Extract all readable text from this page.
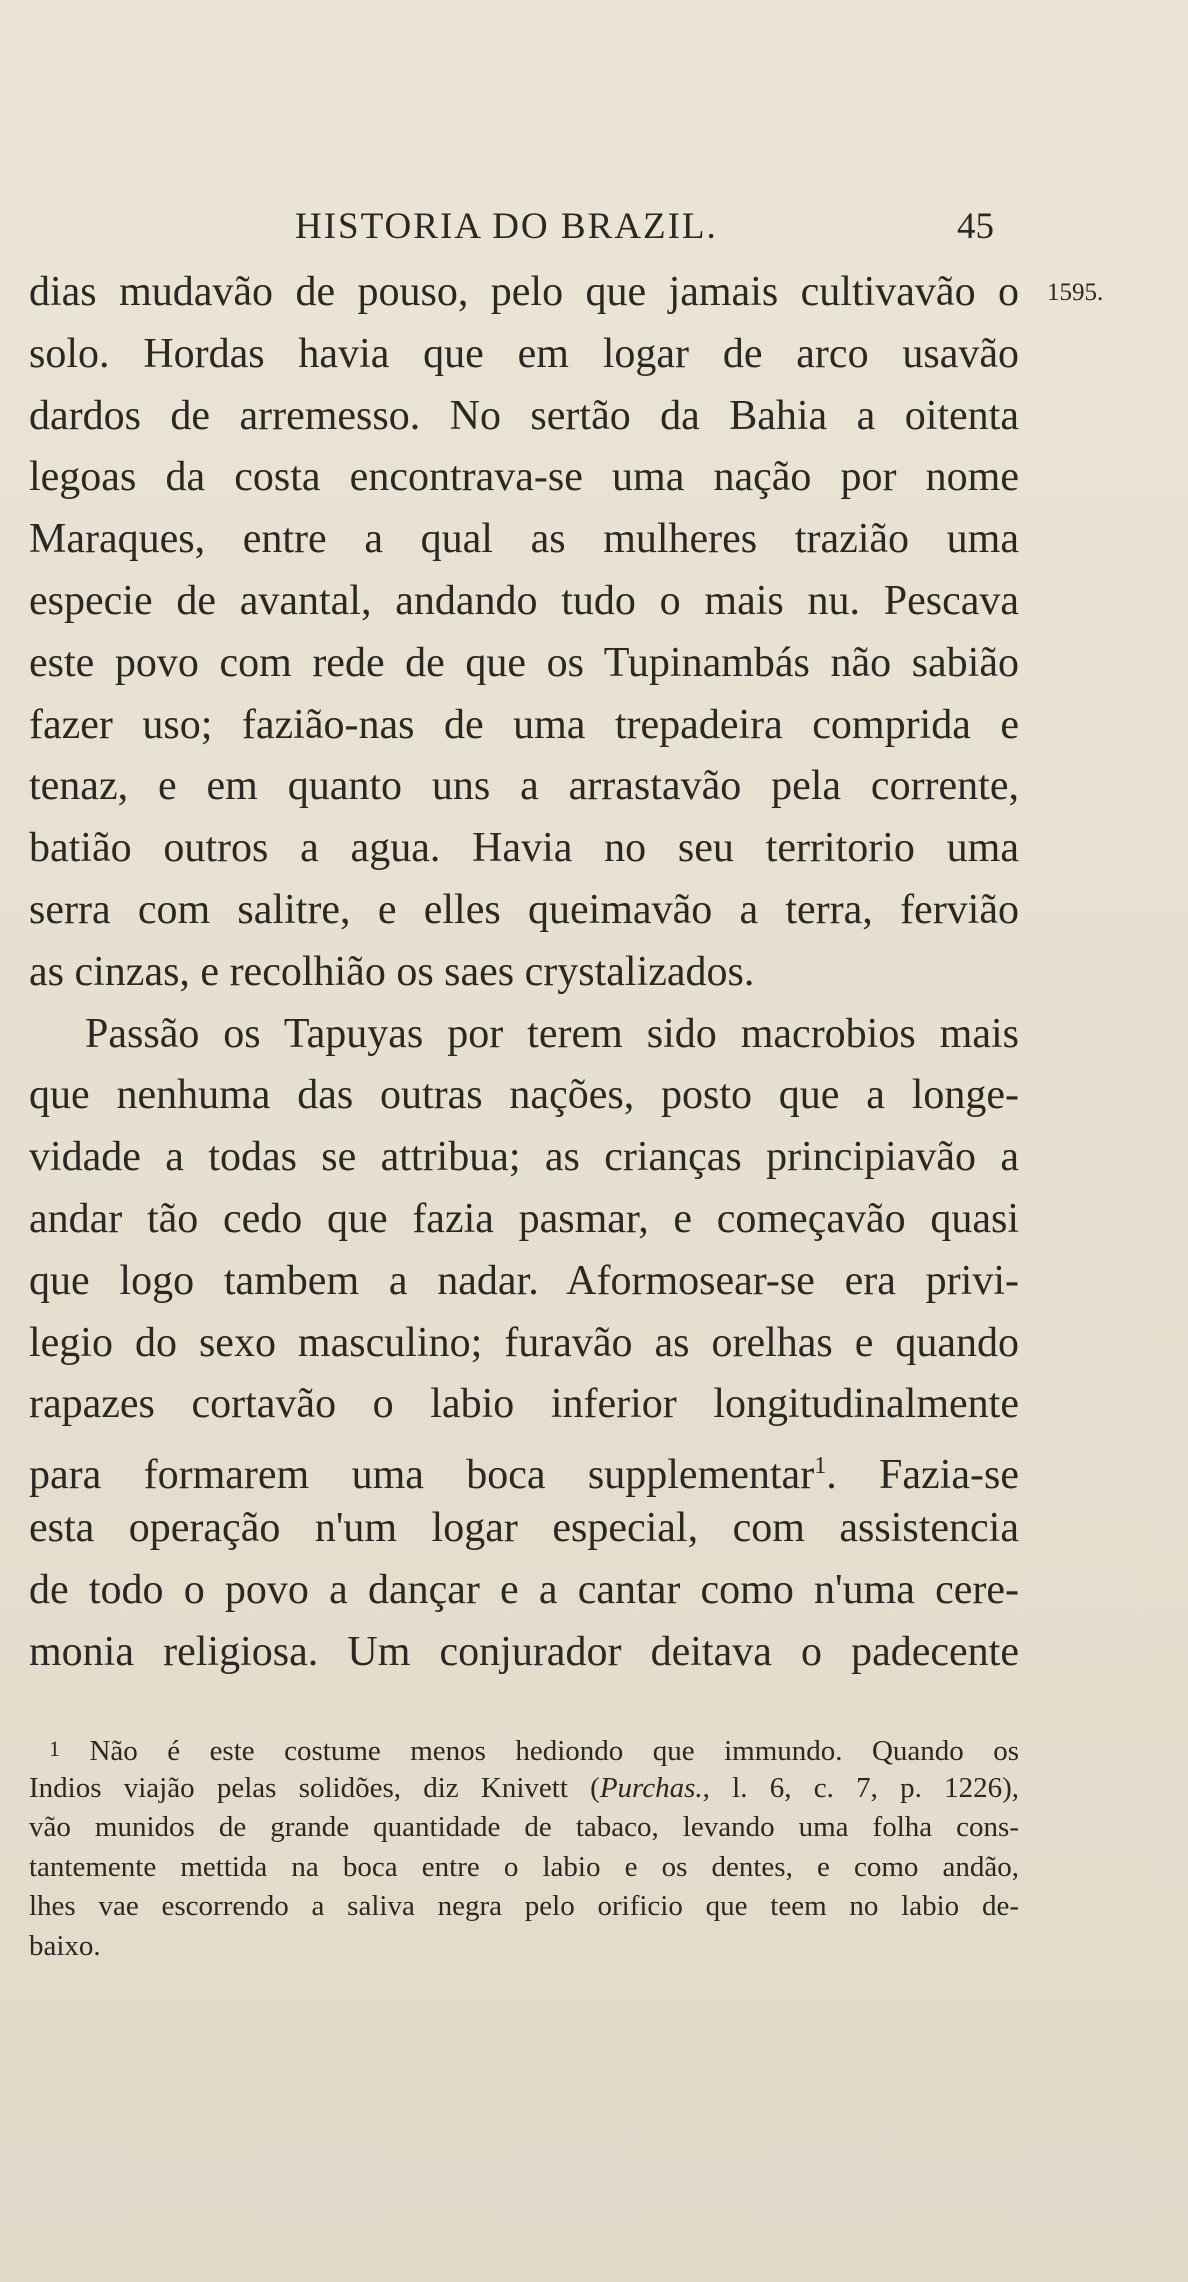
HISTORIA DO BRAZIL.	45
1595.
dias mudavão de pouso, pelo que jamais cultivavão o
solo. Hordas havia que em logar de arco usavão
dardos de arremesso. No sertão da Bahia a oitenta
legoas da costa encontrava-se uma nação por nome
Maraques, entre a qual as mulheres trazião uma
especie de avantal, andando tudo o mais nu. Pescava
este povo com rede de que os Tupinambás não sabião
fazer uso; fazião-nas de uma trepadeira comprida e
tenaz, e em quanto uns a arrastavão pela corrente,
batião outros a agua. Havia no seu territorio uma
serra com salitre, e elles queimavão a terra, fervião
as cinzas, e recolhião os saes crystalizados.
Passão os Tapuyas por terem sido macrobios mais
que nenhuma das outras nações, posto que a longe-
vidade a todas se attribua; as crianças principiavão a
andar tão cedo que fazia pasmar, e começavão quasi
que logo tambem a nadar. Aformosear-se era privi-
legio do sexo masculino; furavão as orelhas e quando
rapazes cortavão o labio inferior longitudinalmente
para formarem uma boca supplementar$^1$. Fazia-se
esta operação n'um logar especial, com assistencia
de todo o povo a dançar e a cantar como n'uma cere-
monia religiosa. Um conjurador deitava o padecente
1 Não é este costume menos hediondo que immundo. Quando os
Indios viajão pelas solidões, diz Knivett (Purchas., l. 6, c. 7, p. 1226),
vão munidos de grande quantidade de tabaco, levando uma folha cons-
tantemente mettida na boca entre o labio e os dentes, e como andão,
lhes vae escorrendo a saliva negra pelo orificio que teem no labio de-
baixo.
